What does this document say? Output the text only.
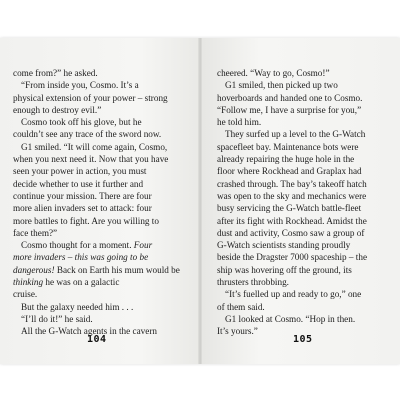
come from?” he asked.
“From inside you, Cosmo. It’s a
physical extension of your power – strong
enough to destroy evil.”
Cosmo took off his glove, but he
couldn’t see any trace of the sword now.
G1 smiled. “It will come again, Cosmo,
when you next need it. Now that you have
seen your power in action, you must
decide whether to use it further and
continue your mission. There are four
more alien invaders set to attack: four
more battles to fight. Are you willing to
face them?”
Cosmo thought for a moment. Four
more invaders – this was going to be
dangerous! Back on Earth his mum would be
thinking he was on a galactic
cruise.
But the galaxy needed him . . .
“I’ll do it!” he said.
All the G-Watch agents in the cavern
104
cheered. “Way to go, Cosmo!”
G1 smiled, then picked up two
hoverboards and handed one to Cosmo.
“Follow me, I have a surprise for you,”
he told him.
They surfed up a level to the G-Watch
spacefleet bay. Maintenance bots were
already repairing the huge hole in the
floor where Rockhead and Graplax had
crashed through. The bay’s takeoff hatch
was open to the sky and mechanics were
busy servicing the G-Watch battle-fleet
after its fight with Rockhead. Amidst the
dust and activity, Cosmo saw a group of
G-Watch scientists standing proudly
beside the Dragster 7000 spaceship – the
ship was hovering off the ground, its
thrusters throbbing.
“It’s fuelled up and ready to go,” one
of them said.
G1 looked at Cosmo. “Hop in then.
It’s yours.”
105
